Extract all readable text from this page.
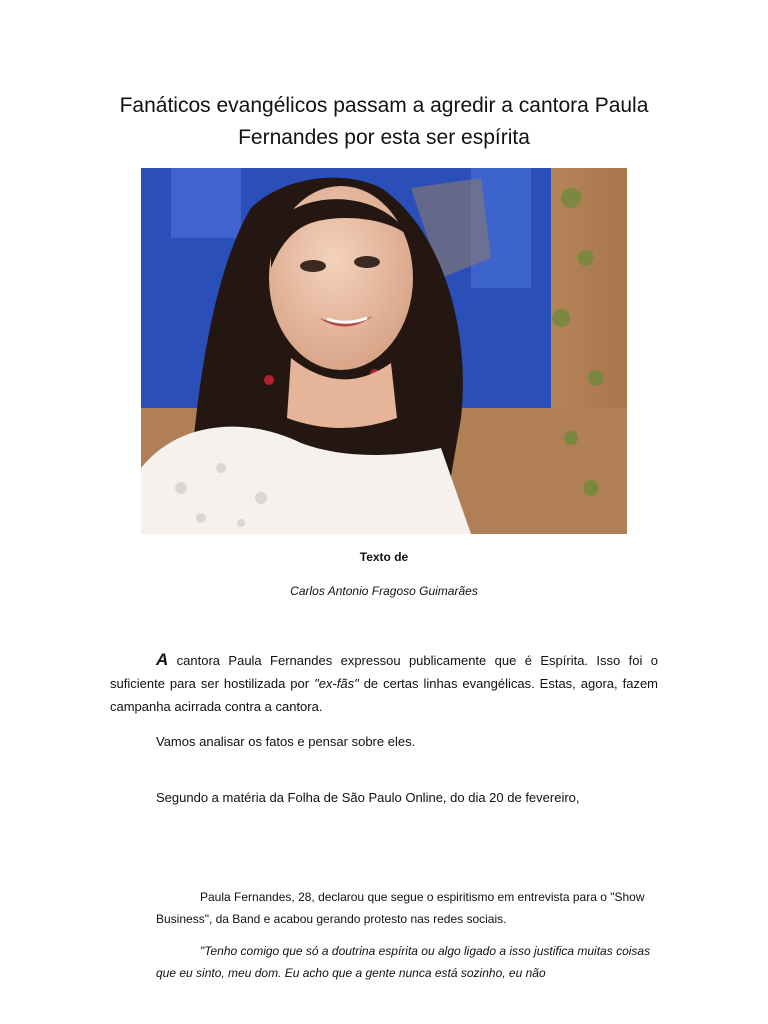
Fanáticos evangélicos passam a agredir a cantora Paula Fernandes por esta ser espírita
Texto de
Carlos Antonio Fragoso Guimarães
A cantora Paula Fernandes expressou publicamente que é Espírita. Isso foi o suficiente para ser hostilizada por "ex-fãs" de certas linhas evangélicas. Estas, agora, fazem campanha acirrada contra a cantora.
Vamos analisar os fatos e pensar sobre eles.
Segundo a matéria da Folha de São Paulo Online, do dia 20 de fevereiro,
Paula Fernandes, 28, declarou que segue o espiritismo em entrevista para o "Show Business", da Band e acabou gerando protesto nas redes sociais.
"Tenho comigo que só a doutrina espírita ou algo ligado a isso justifica muitas coisas que eu sinto, meu dom. Eu acho que a gente nunca está sozinho, eu não
